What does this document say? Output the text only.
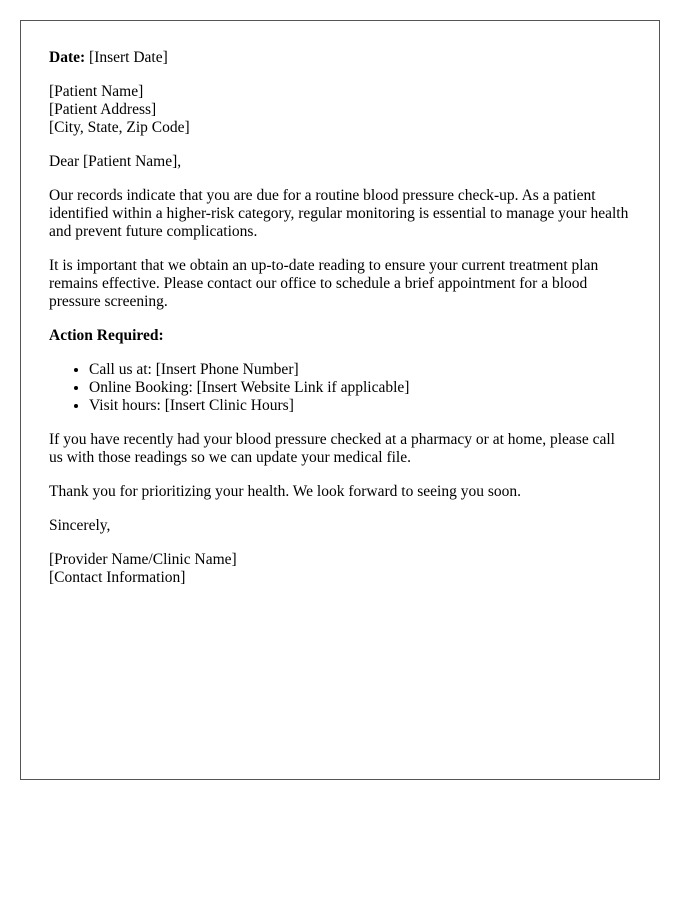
Date: [Insert Date]

[Patient Name]
[Patient Address]
[City, State, Zip Code]

Dear [Patient Name],

Our records indicate that you are due for a routine blood pressure check-up. As a patient identified within a higher-risk category, regular monitoring is essential to manage your health and prevent future complications.

It is important that we obtain an up-to-date reading to ensure your current treatment plan remains effective. Please contact our office to schedule a brief appointment for a blood pressure screening.

Action Required:

• Call us at: [Insert Phone Number]
• Online Booking: [Insert Website Link if applicable]
• Visit hours: [Insert Clinic Hours]

If you have recently had your blood pressure checked at a pharmacy or at home, please call us with those readings so we can update your medical file.

Thank you for prioritizing your health. We look forward to seeing you soon.

Sincerely,

[Provider Name/Clinic Name]
[Contact Information]
